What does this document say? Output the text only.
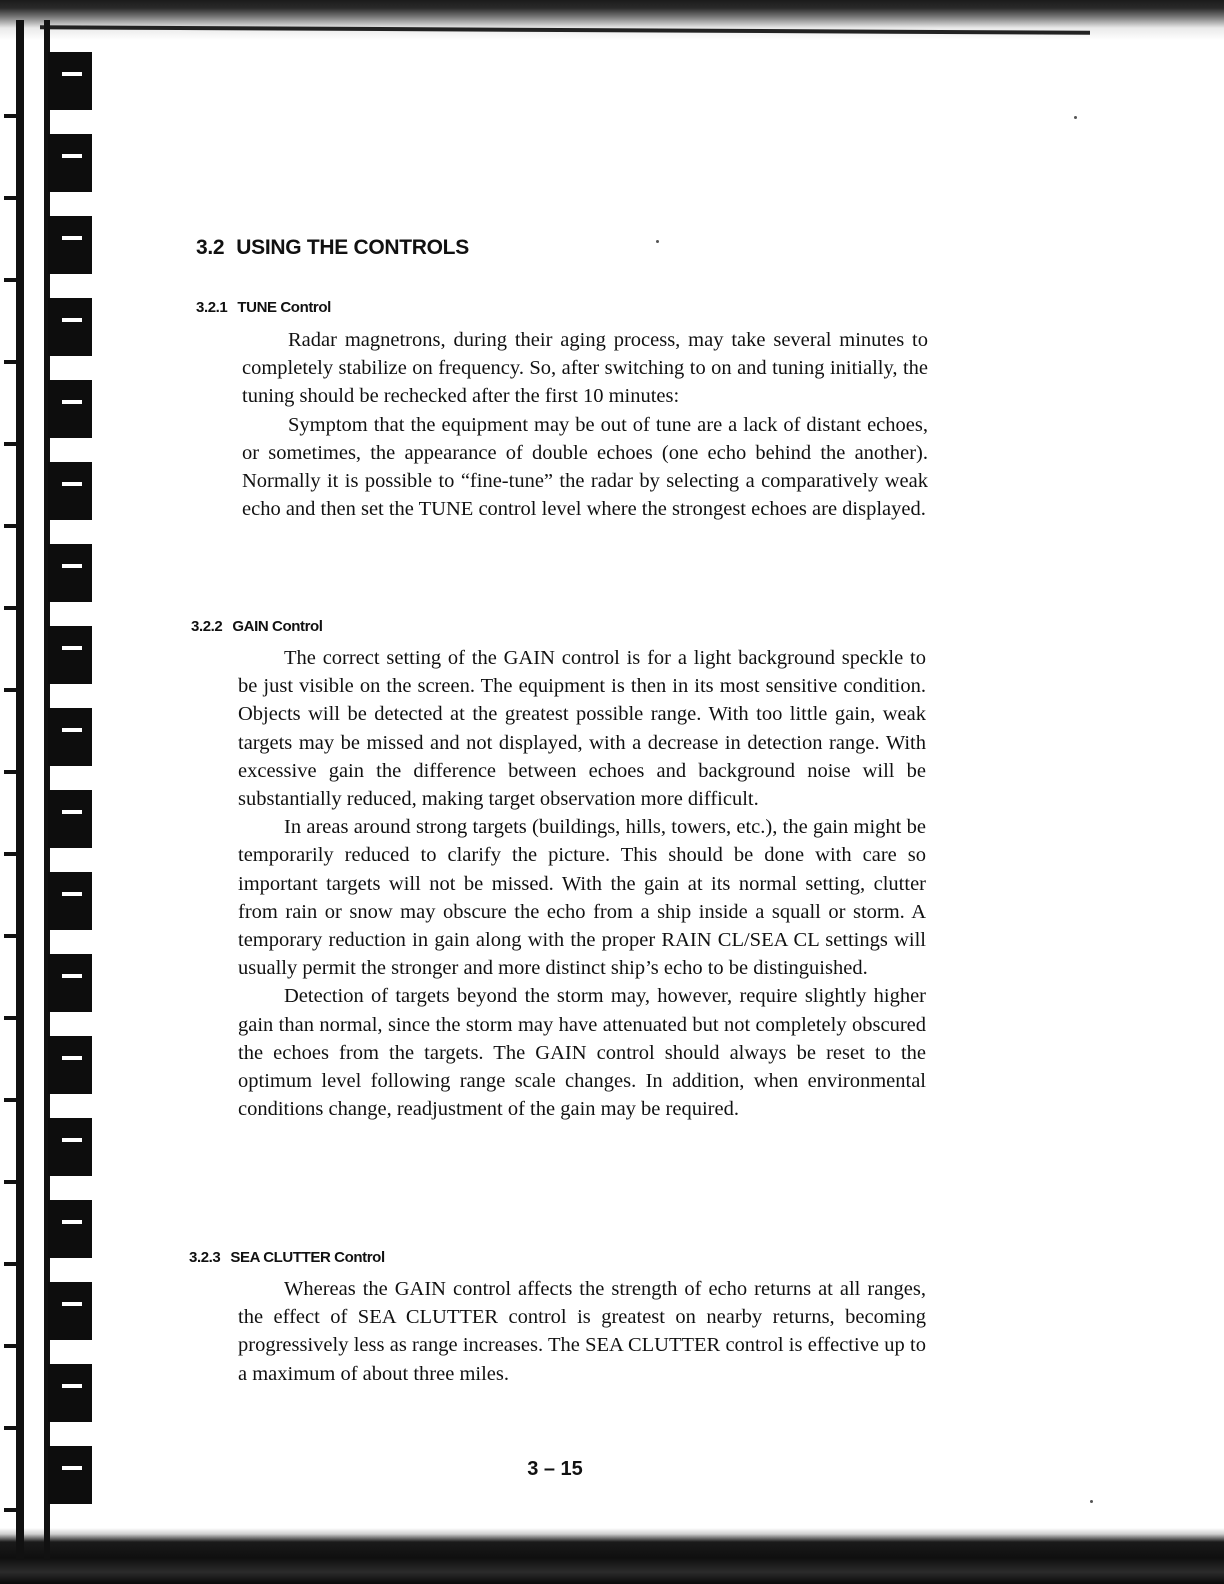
3.2 USING THE CONTROLS
3.2.1 TUNE Control

Radar magnetrons, during their aging process, may take several minutes to completely stabilize on frequency. So, after switching to on and tuning initially, the tuning should be rechecked after the first 10 minutes:

Symptom that the equipment may be out of tune are a lack of distant echoes, or sometimes, the appearance of double echoes (one echo behind the another). Normally it is possible to “fine-tune” the radar by selecting a comparatively weak echo and then set the TUNE control level where the strongest echoes are displayed.

3.2.2 GAIN Control

The correct setting of the GAIN control is for a light background speckle to be just visible on the screen. The equipment is then in its most sensitive condition. Objects will be detected at the greatest possible range. With too little gain, weak targets may be missed and not displayed, with a decrease in detection range. With excessive gain the difference between echoes and background noise will be substantially reduced, making target observation more difficult.

In areas around strong targets (buildings, hills, towers, etc.), the gain might be temporarily reduced to clarify the picture. This should be done with care so important targets will not be missed. With the gain at its normal setting, clutter from rain or snow may obscure the echo from a ship inside a squall or storm. A temporary reduction in gain along with the proper RAIN CL/SEA CL settings will usually permit the stronger and more distinct ship’s echo to be distinguished.

Detection of targets beyond the storm may, however, require slightly higher gain than normal, since the storm may have attenuated but not completely obscured the echoes from the targets. The GAIN control should always be reset to the optimum level following range scale changes. In addition, when environmental conditions change, readjustment of the gain may be required.

3.2.3 SEA CLUTTER Control

Whereas the GAIN control affects the strength of echo returns at all ranges, the effect of SEA CLUTTER control is greatest on nearby returns, becoming progressively less as range increases. The SEA CLUTTER control is effective up to a maximum of about three miles.

3 – 15
